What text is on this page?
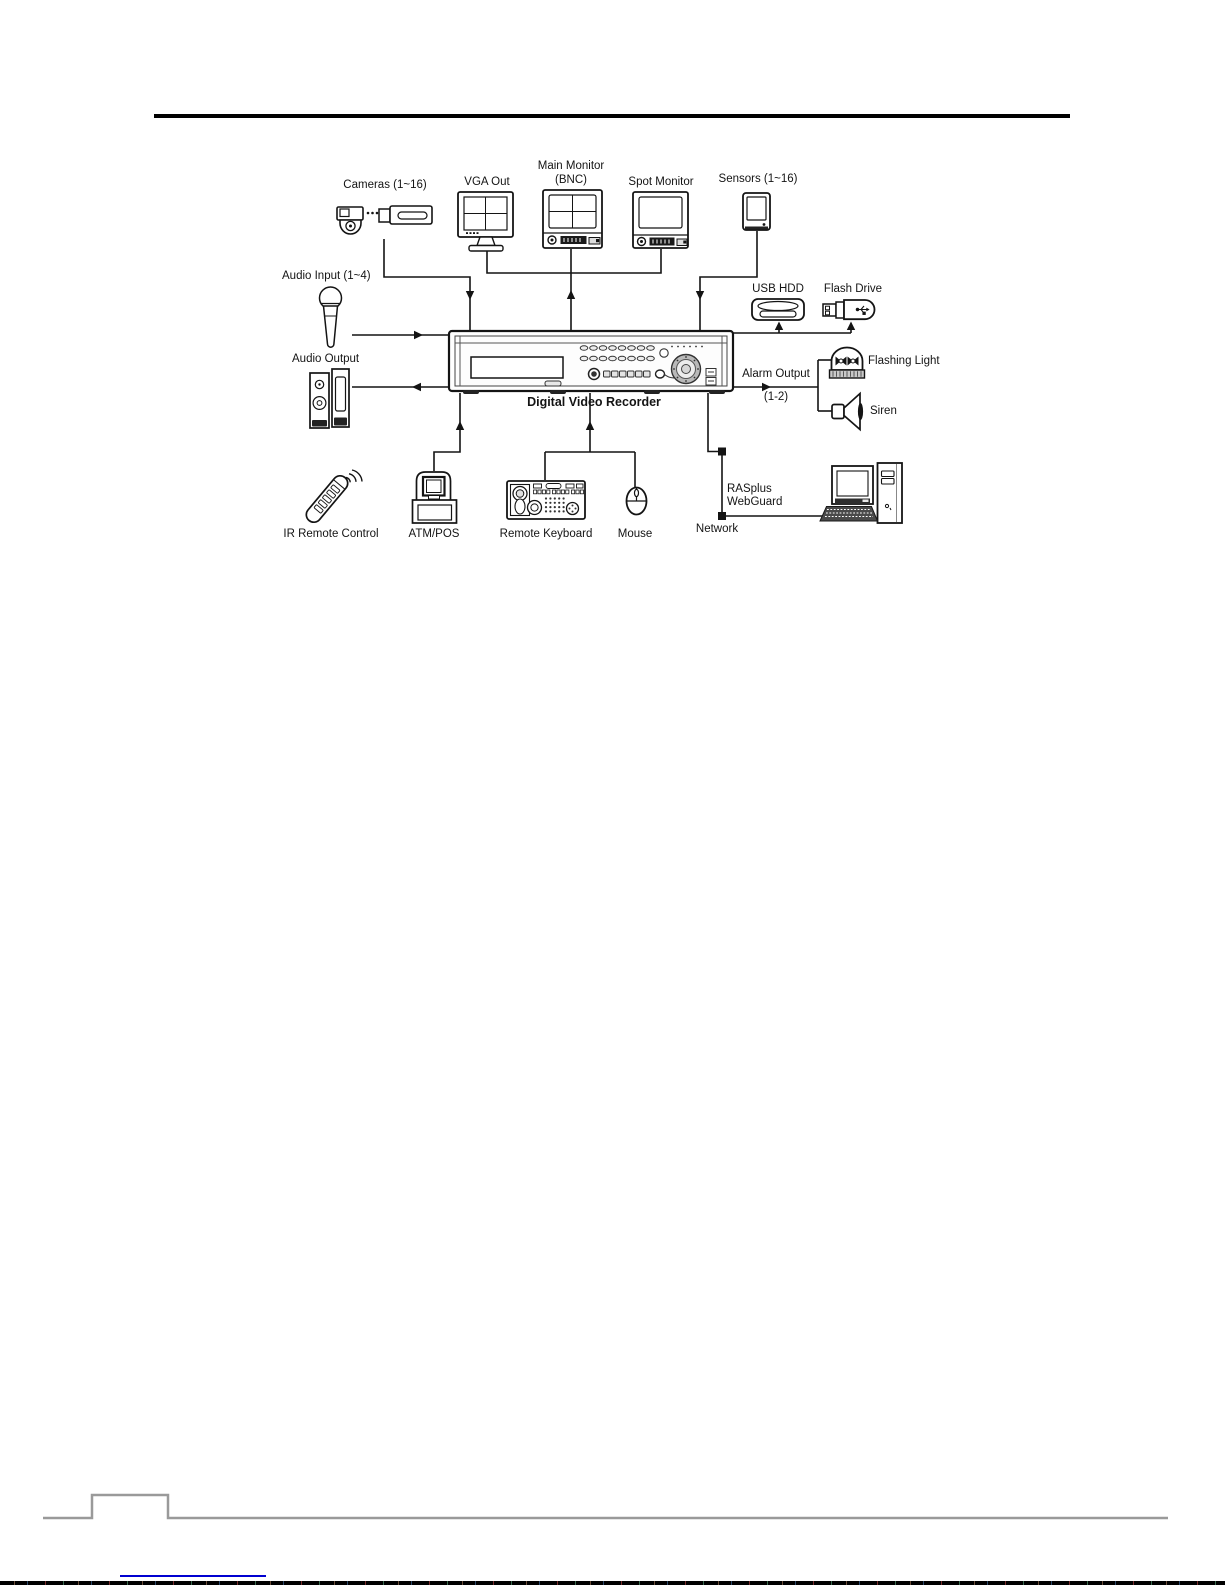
Cameras (1~16)	VGA Out
Main Monitor
(BNC)	Spot Monitor Sensors (1~16)
Audio Input (1~4)
Audio Output
USB HDD Flash Drive
Alarm Output
(1-2)
Flashing Light
Siren
Digital Video Recorder
IR Remote Control	ATM/POS	Remote Keyboard Mouse	Network
RASplus
WebGuard
